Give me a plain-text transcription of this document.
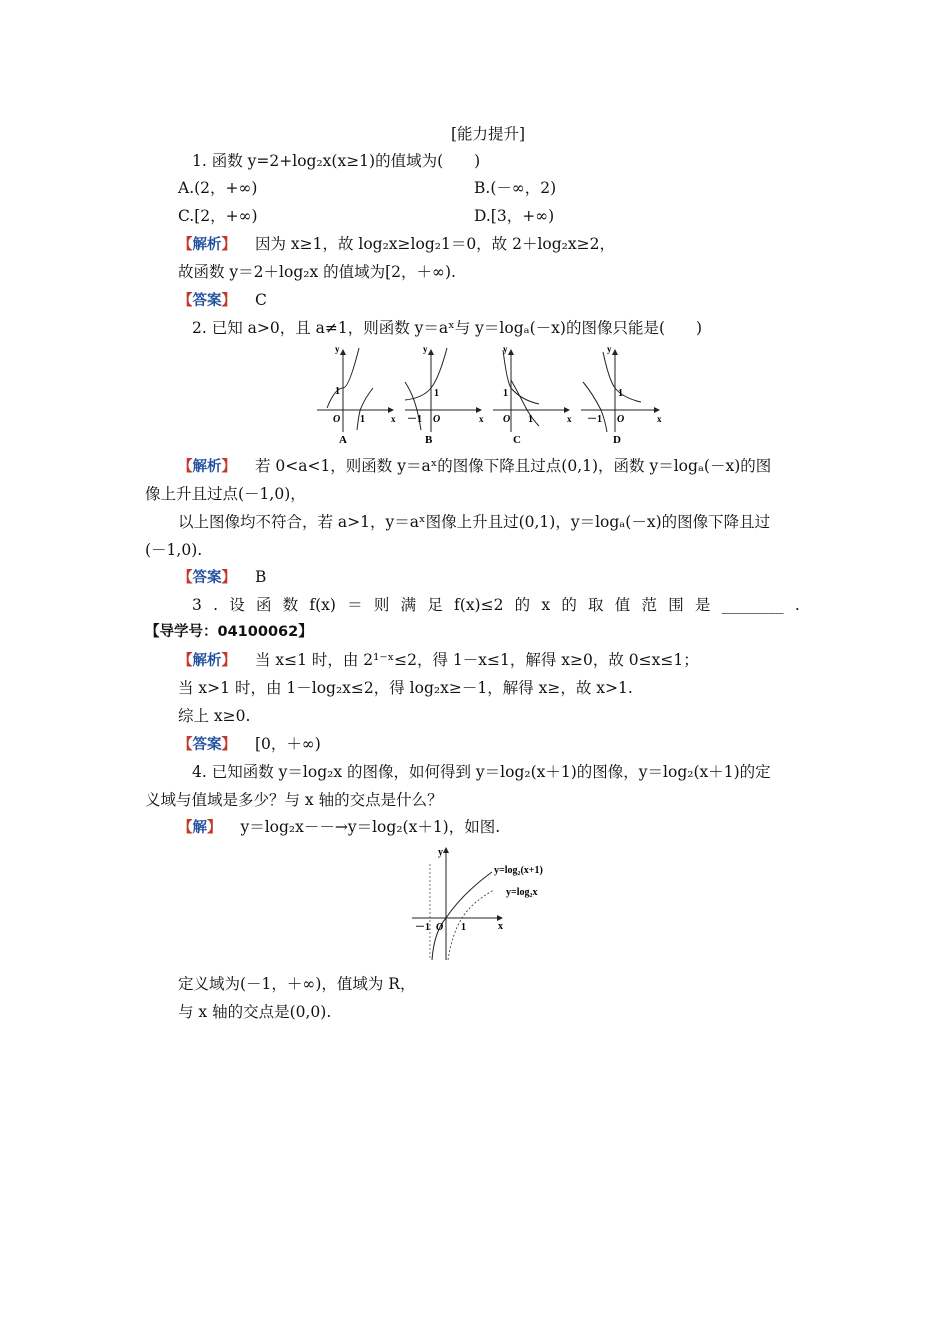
[能力提升]
1. 函数 y=2+log₂x(x≥1)的值域为(　　)
A.(2，+∞)	B.(－∞，2)
C.[2，+∞)	D.[3，+∞)
【解析】 因为 x≥1，故 log₂x≥log₂1＝0，故 2＋log₂x≥2，
故函数 y＝2＋log₂x 的值域为[2，＋∞).
【答案】 C
2. 已知 a>0，且 a≠1，则函数 y＝aˣ与 y＝logₐ(－x)的图像只能是(　　)
y
x
1
O 1
A
y
x
1
－1 O
B
y
x
1
O 1
C
y
x
1
－1 O
D
【解析】 若 0<a<1，则函数 y＝aˣ的图像下降且过点(0,1)，函数 y＝logₐ(－x)的图
像上升且过点(－1,0)，
以上图像均不符合，若 a>1，y＝aˣ图像上升且过(0,1)，y＝logₐ(－x)的图像下降且过
(－1,0).
【答案】 B
3 . 设 函 数 f(x) ＝ 则 满 足 f(x)≤2 的 x 的 取 值 范 围 是 ________ .
【导学号：04100062】
【解析】 当 x≤1 时，由 2¹⁻ˣ≤2，得 1－x≤1，解得 x≥0，故 0≤x≤1；
当 x>1 时，由 1－log₂x≤2，得 log₂x≥－1，解得 x≥，故 x>1.
综上 x≥0.
【答案】 [0，＋∞)
4. 已知函数 y＝log₂x 的图像，如何得到 y＝log₂(x＋1)的图像，y＝log₂(x＋1)的定
义域与值域是多少？与 x 轴的交点是什么？
【解】 y＝log₂x－－→y＝log₂(x＋1)，如图.
y
x
－1 O 1
y=log₂(x+1)
y=log₂x
定义域为(－1，＋∞)，值域为 R，
与 x 轴的交点是(0,0).
